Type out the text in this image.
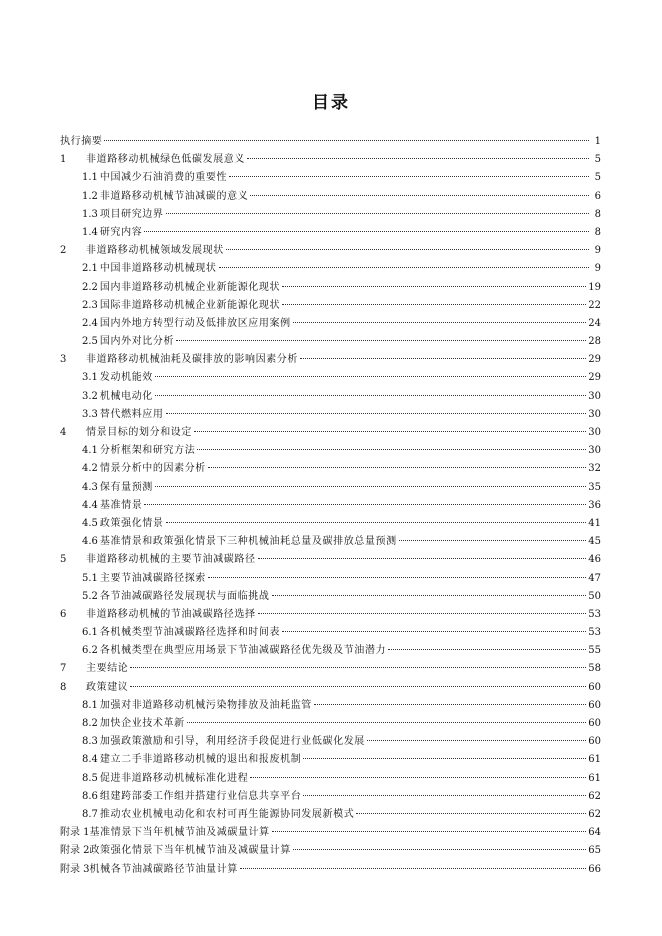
目录
执行摘要	1
1	非道路移动机械绿色低碳发展意义	5
1.1 中国减少石油消费的重要性	5
1.2 非道路移动机械节油减碳的意义	6
1.3 项目研究边界	8
1.4 研究内容	8
2	非道路移动机械领域发展现状	9
2.1 中国非道路移动机械现状	9
2.2 国内非道路移动机械企业新能源化现状	19
2.3 国际非道路移动机械企业新能源化现状	22
2.4 国内外地方转型行动及低排放区应用案例	24
2.5 国内外对比分析	28
3	非道路移动机械油耗及碳排放的影响因素分析	29
3.1 发动机能效	29
3.2 机械电动化	30
3.3 替代燃料应用	30
4	情景目标的划分和设定	30
4.1 分析框架和研究方法	30
4.2 情景分析中的因素分析	32
4.3 保有量预测	35
4.4 基准情景	36
4.5 政策强化情景	41
4.6 基准情景和政策强化情景下三种机械油耗总量及碳排放总量预测	45
5	非道路移动机械的主要节油减碳路径	46
5.1 主要节油减碳路径探索	47
5.2 各节油减碳路径发展现状与面临挑战	50
6	非道路移动机械的节油减碳路径选择	53
6.1 各机械类型节油减碳路径选择和时间表	53
6.2 各机械类型在典型应用场景下节油减碳路径优先级及节油潜力	55
7	主要结论	58
8	政策建议	60
8.1 加强对非道路移动机械污染物排放及油耗监管	60
8.2 加快企业技术革新	60
8.3 加强政策激励和引导，利用经济手段促进行业低碳化发展	60
8.4 建立二手非道路移动机械的退出和报废机制	61
8.5 促进非道路移动机械标准化进程	61
8.6 组建跨部委工作组并搭建行业信息共享平台	62
8.7 推动农业机械电动化和农村可再生能源协同发展新模式	62
附录 1 基准情景下当年机械节油及减碳量计算	64
附录 2 政策强化情景下当年机械节油及减碳量计算	65
附录 3 机械各节油减碳路径节油量计算	66
